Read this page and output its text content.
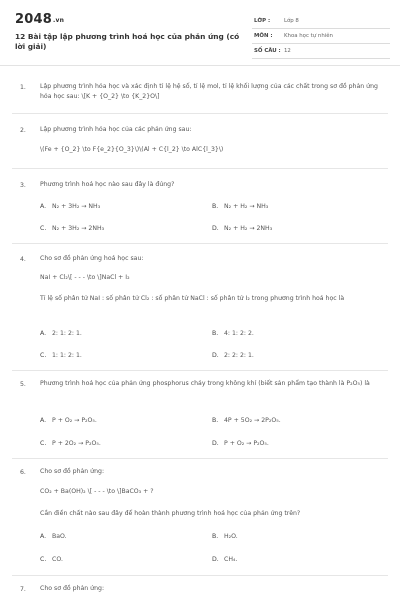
2048.vn
12 Bài tập lập phương trình hoá học của phản ứng (có lời giải)
LỚP :	Lớp 8
MÔN : Khoa học tự nhiên
SỐ CÂU : 12
1. Lập phương trình hóa học và xác định tỉ lệ hệ số, tỉ lệ mol, tỉ lệ khối lượng của các chất trong sơ đồ phản ứng hóa học sau: \[K + {O_2} \to {K_2}O\]
2. Lập phương trình hóa học của các phản ứng sau:
\(Fe + {O_2} \to F{e_2}{O_3}\)\(Al + C{l_2} \to AlC{l_3}\)
3. Phương trình hoá học nào sau đây là đúng?
A. N₂ + 3H₂ → NH₃	B. N₂ + H₂ → NH₃
C. N₂ + 3H₂ → 2NH₃	D. N₂ + H₂ → 2NH₃
4. Cho sơ đồ phản ứng hoá học sau:
NaI + Cl₂\[ - - - \to \]NaCl + I₂
Tỉ lệ số phân tử NaI : số phân tử Cl₂ : số phân tử NaCl : số phân tử I₂ trong phương trình hoá học là
A. 2: 1: 2: 1.	B. 4: 1: 2: 2.
C. 1: 1: 2: 1.	D. 2: 2: 2: 1.
5. Phương trình hoá học của phản ứng phosphorus cháy trong không khí (biết sản phẩm tạo thành là P₂O₅) là
A. P + O₂ → P₂O₅.	B. 4P + 5O₂ → 2P₂O₅.
C. P + 2O₂ → P₂O₅.	D. P + O₂ → P₂O₅.
6. Cho sơ đồ phản ứng:
CO₂ + Ba(OH)₂ \[ - - - \to \]BaCO₃ + ?
Cần điền chất nào sau đây để hoàn thành phương trình hoá học của phản ứng trên?
A. BaO.	B. H₂O.
C. CO.	D. CH₄.
7. Cho sơ đồ phản ứng:
